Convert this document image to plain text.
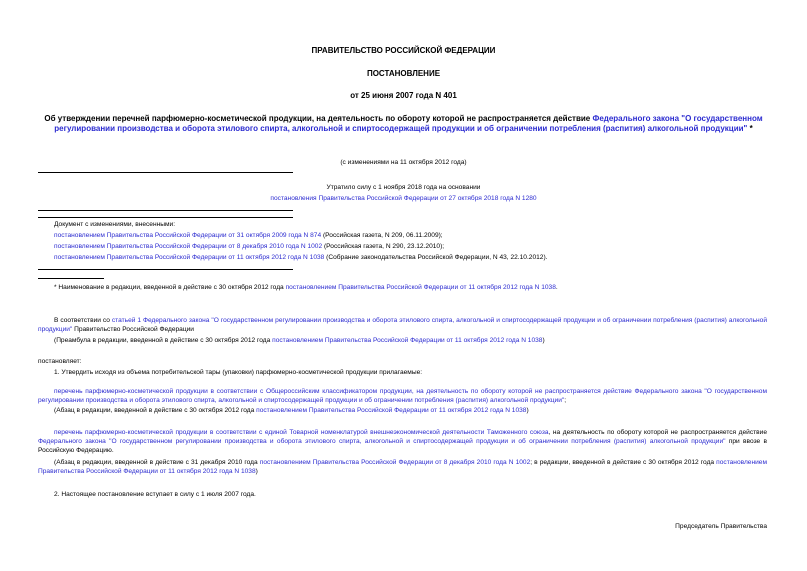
ПРАВИТЕЛЬСТВО РОССИЙСКОЙ ФЕДЕРАЦИИ
ПОСТАНОВЛЕНИЕ
от 25 июня 2007 года N 401
Об утверждении перечней парфюмерно-косметической продукции, на деятельность по обороту которой не распространяется действие Федерального закона "О государственном регулировании производства и оборота этилового спирта, алкогольной и спиртосодержащей продукции и об ограничении потребления (распития) алкогольной продукции" *
(с изменениями на 11 октября 2012 года)
Утратило силу с 1 ноября 2018 года на основании
постановления Правительства Российской Федерации от 27 октября 2018 года N 1280
Документ с изменениями, внесенными:
постановлением Правительства Российской Федерации от 31 октября 2009 года N 874 (Российская газета, N 209, 06.11.2009);
постановлением Правительства Российской Федерации от 8 декабря 2010 года N 1002 (Российская газета, N 290, 23.12.2010);
постановлением Правительства Российской Федерации от 11 октября 2012 года N 1038 (Собрание законодательства Российской Федерации, N 43, 22.10.2012).
* Наименование в редакции, введенной в действие с 30 октября 2012 года постановлением Правительства Российской Федерации от 11 октября 2012 года N 1038.
В соответствии со статьей 1 Федерального закона "О государственном регулировании производства и оборота этилового спирта, алкогольной и спиртосодержащей продукции и об ограничении потребления (распития) алкогольной продукции" Правительство Российской Федерации
(Преамбула в редакции, введенной в действие с 30 октября 2012 года постановлением Правительства Российской Федерации от 11 октября 2012 года N 1038)
постановляет:
1. Утвердить исходя из объема потребительской тары (упаковки) парфюмерно-косметической продукции прилагаемые:
перечень парфюмерно-косметической продукции в соответствии с Общероссийским классификатором продукции, на деятельность по обороту которой не распространяется действие Федерального закона "О государственном регулировании производства и оборота этилового спирта, алкогольной и спиртосодержащей продукции и об ограничении потребления (распития) алкогольной продукции";
(Абзац в редакции, введенной в действие с 30 октября 2012 года постановлением Правительства Российской Федерации от 11 октября 2012 года N 1038)
перечень парфюмерно-косметической продукции в соответствии с единой Товарной номенклатурой внешнеэкономической деятельности Таможенного союза, на деятельность по обороту которой не распространяется действие Федерального закона "О государственном регулировании производства и оборота этилового спирта, алкогольной и спиртосодержащей продукции и об ограничении потребления (распития) алкогольной продукции" при ввозе в Российскую Федерацию.
(Абзац в редакции, введенной в действие с 31 декабря 2010 года постановлением Правительства Российской Федерации от 8 декабря 2010 года N 1002; в редакции, введенной в действие с 30 октября 2012 года постановлением Правительства Российской Федерации от 11 октября 2012 года N 1038)
2. Настоящее постановление вступает в силу с 1 июля 2007 года.
Председатель Правительства
